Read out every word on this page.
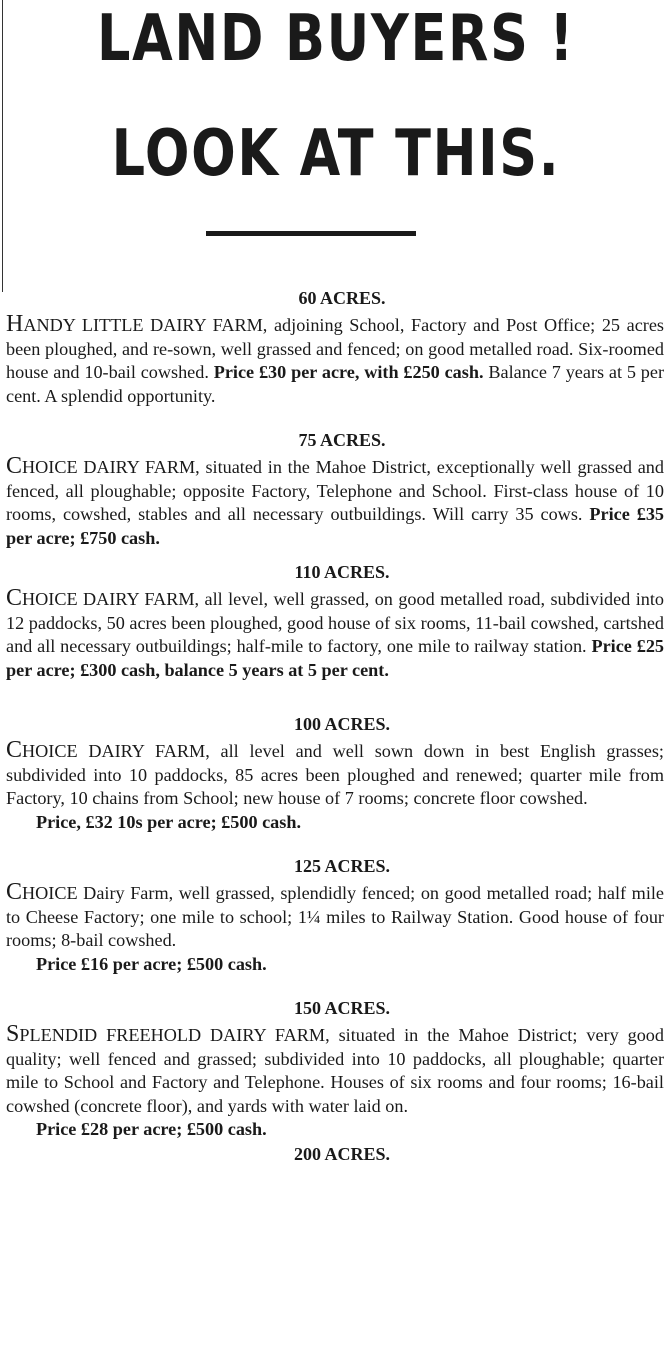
LAND BUYERS !
LOOK AT THIS.
60 ACRES.

HANDY LITTLE DAIRY FARM, adjoining School, Factory and Post Office; 25 acres been ploughed, and re-sown, well grassed and fenced; on good metalled road. Six-roomed house and 10-bail cowshed. Price £30 per acre, with £250 cash. Balance 7 years at 5 per cent. A splendid opportunity.

75 ACRES.

CHOICE DAIRY FARM, situated in the Mahoe District, exceptionally well grassed and fenced, all ploughable; opposite Factory, Telephone and School. First-class house of 10 rooms, cowshed, stables and all necessary outbuildings. Will carry 35 cows. Price £35 per acre; £750 cash.

110 ACRES.

CHOICE DAIRY FARM, all level, well grassed, on good metalled road, subdivided into 12 paddocks, 50 acres been ploughed, good house of six rooms, 11-bail cowshed, cartshed and all necessary outbuildings; half-mile to factory, one mile to railway station. Price £25 per acre; £300 cash, balance 5 years at 5 per cent.

100 ACRES.

CHOICE DAIRY FARM, all level and well sown down in best English grasses; subdivided into 10 paddocks, 85 acres been ploughed and renewed; quarter mile from Factory, 10 chains from School; new house of 7 rooms; concrete floor cowshed.
Price, £32 10s per acre; £500 cash.

125 ACRES.

CHOICE Dairy Farm, well grassed, splendidly fenced; on good metalled road; half mile to Cheese Factory; one mile to school; 1¼ miles to Railway Station. Good house of four rooms; 8-bail cowshed.
Price £16 per acre; £500 cash.

150 ACRES.

SPLENDID FREEHOLD DAIRY FARM, situated in the Mahoe District; very good quality; well fenced and grassed; subdivided into 10 paddocks, all ploughable; quarter mile to School and Factory and Telephone. Houses of six rooms and four rooms; 16-bail cowshed (concrete floor), and yards with water laid on.
Price £28 per acre; £500 cash.

200 ACRES.
